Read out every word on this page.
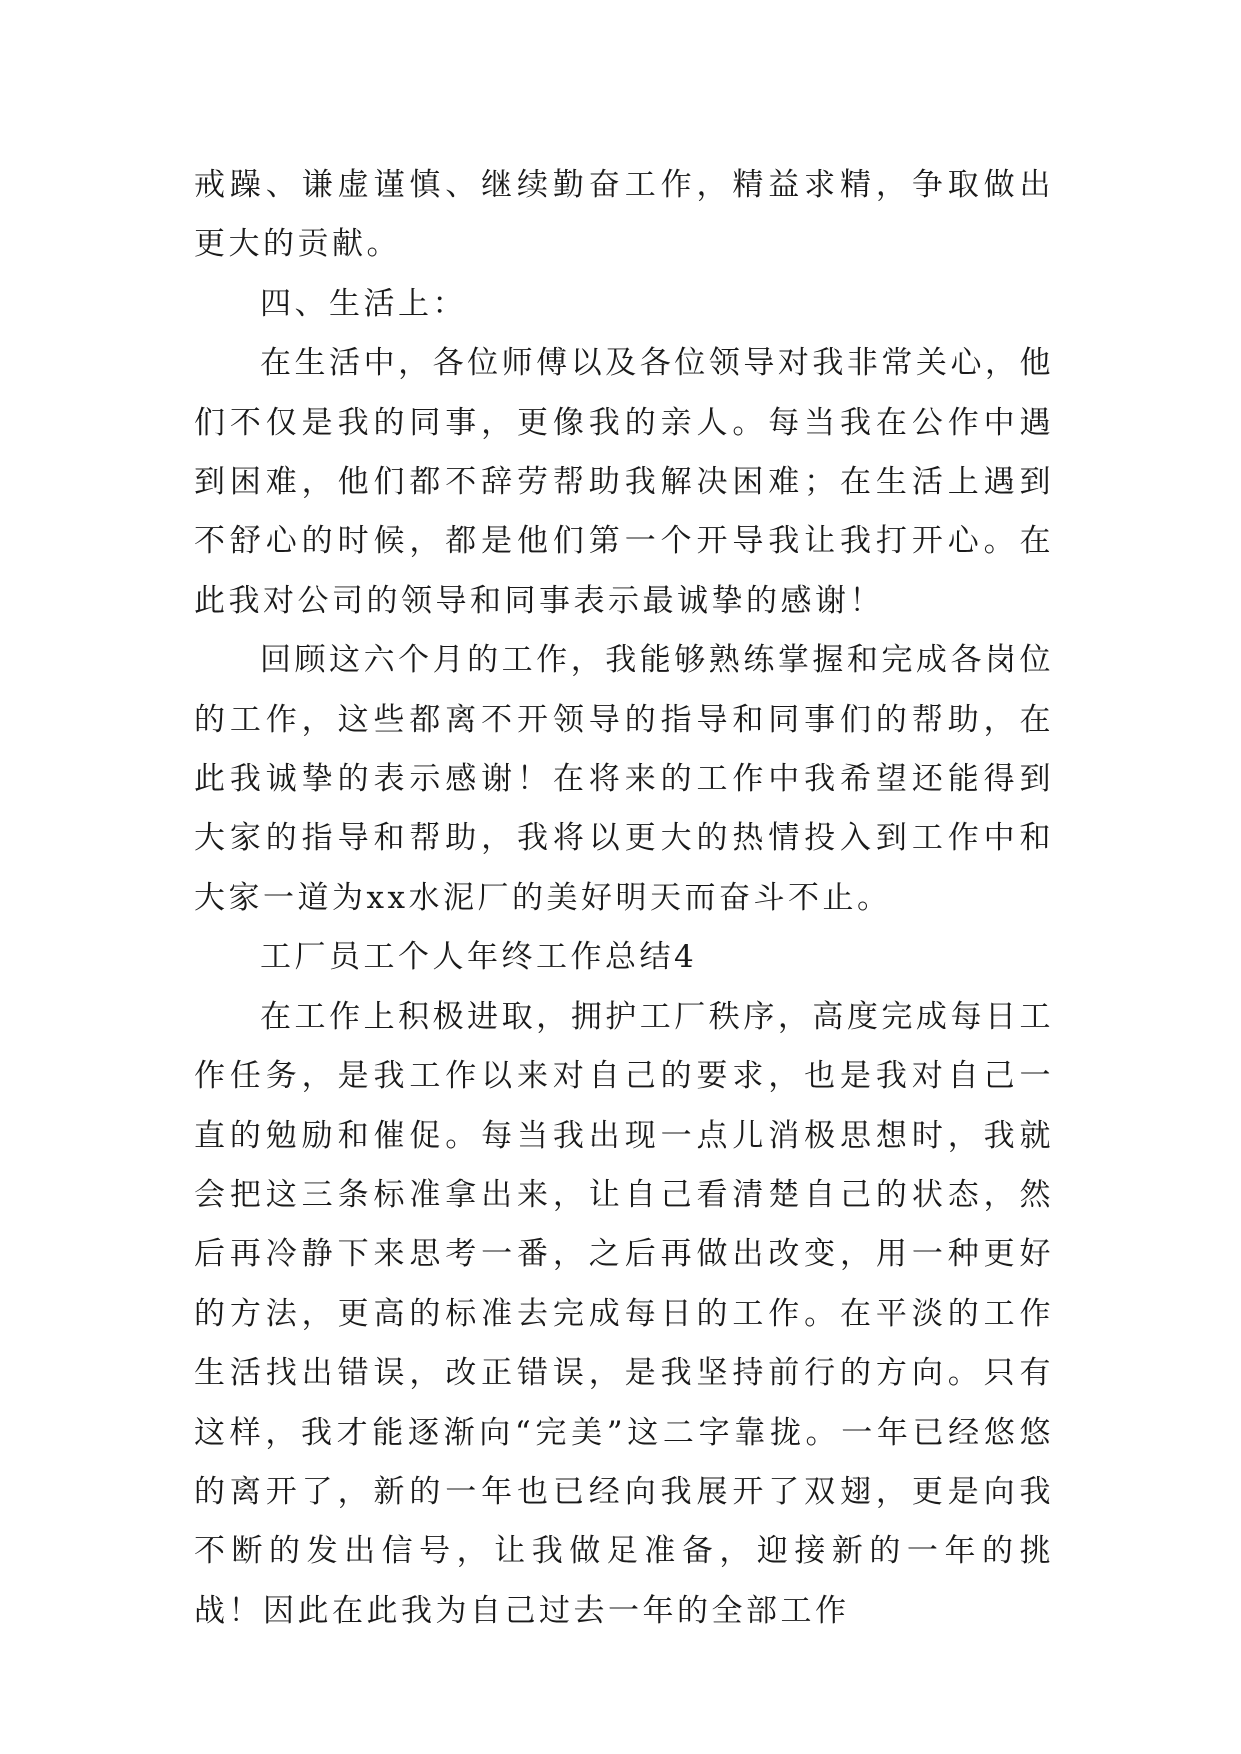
戒躁、谦虚谨慎、继续勤奋工作，精益求精，争取做出更大的贡献。

四、生活上：

在生活中，各位师傅以及各位领导对我非常关心，他们不仅是我的同事，更像我的亲人。每当我在公作中遇到困难，他们都不辞劳帮助我解决困难；在生活上遇到不舒心的时候，都是他们第一个开导我让我打开心。在此我对公司的领导和同事表示最诚挚的感谢！

回顾这六个月的工作，我能够熟练掌握和完成各岗位的工作，这些都离不开领导的指导和同事们的帮助，在此我诚挚的表示感谢！在将来的工作中我希望还能得到大家的指导和帮助，我将以更大的热情投入到工作中和大家一道为xx水泥厂的美好明天而奋斗不止。

工厂员工个人年终工作总结4

在工作上积极进取，拥护工厂秩序，高度完成每日工作任务，是我工作以来对自己的要求，也是我对自己一直的勉励和催促。每当我出现一点儿消极思想时，我就会把这三条标准拿出来，让自己看清楚自己的状态，然后再冷静下来思考一番，之后再做出改变，用一种更好的方法，更高的标准去完成每日的工作。在平淡的工作生活找出错误，改正错误，是我坚持前行的方向。只有这样，我才能逐渐向“完美”这二字靠拢。一年已经悠悠的离开了，新的一年也已经向我展开了双翅，更是向我不断的发出信号，让我做足准备，迎接新的一年的挑战！因此在此我为自己过去一年的全部工作
